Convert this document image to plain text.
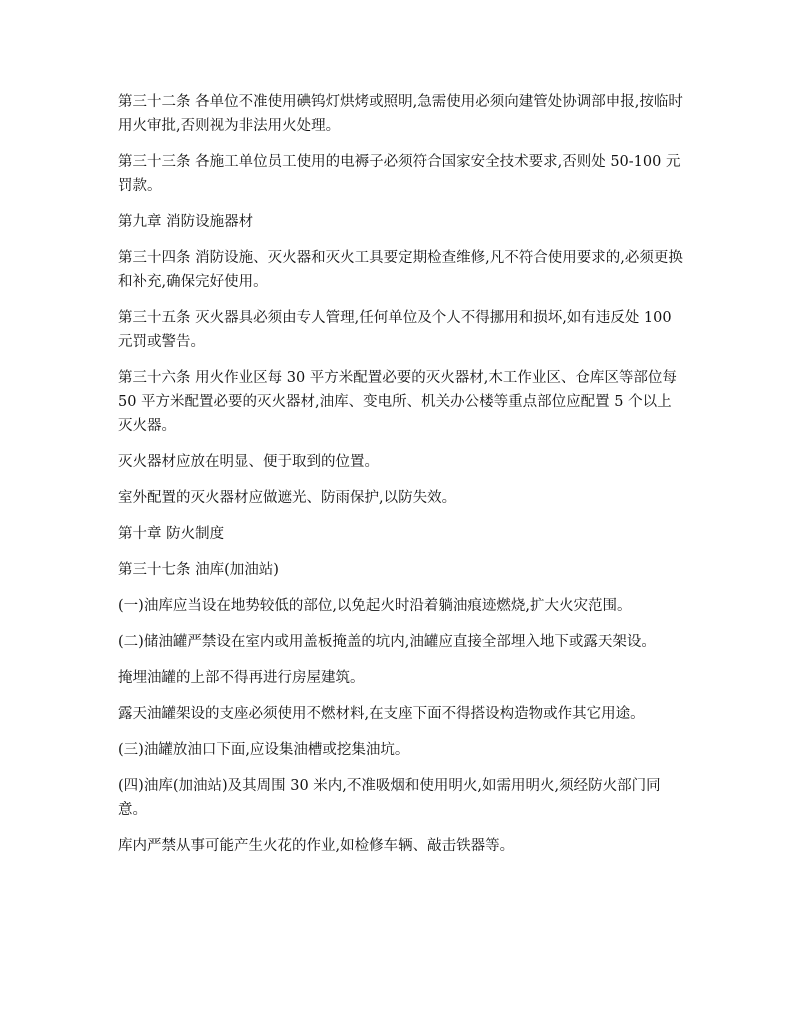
第三十二条 各单位不准使用碘钨灯烘烤或照明,急需使用必须向建管处协调部申报,按临时用火审批,否则视为非法用火处理。

第三十三条 各施工单位员工使用的电褥子必须符合国家安全技术要求,否则处 50-100 元罚款。

第九章 消防设施器材

第三十四条 消防设施、灭火器和灭火工具要定期检查维修,凡不符合使用要求的,必须更换和补充,确保完好使用。

第三十五条 灭火器具必须由专人管理,任何单位及个人不得挪用和损坏,如有违反处 100 元罚或警告。

第三十六条 用火作业区每 30 平方米配置必要的灭火器材,木工作业区、仓库区等部位每 50 平方米配置必要的灭火器材,油库、变电所、机关办公楼等重点部位应配置 5 个以上灭火器。

灭火器材应放在明显、便于取到的位置。

室外配置的灭火器材应做遮光、防雨保护,以防失效。

第十章 防火制度

第三十七条 油库(加油站)

(一)油库应当设在地势较低的部位,以免起火时沿着躺油痕迹燃烧,扩大火灾范围。

(二)储油罐严禁设在室内或用盖板掩盖的坑内,油罐应直接全部埋入地下或露天架设。

掩埋油罐的上部不得再进行房屋建筑。

露天油罐架设的支座必须使用不燃材料,在支座下面不得搭设构造物或作其它用途。

(三)油罐放油口下面,应设集油槽或挖集油坑。

(四)油库(加油站)及其周围 30 米内,不准吸烟和使用明火,如需用明火,须经防火部门同意。

库内严禁从事可能产生火花的作业,如检修车辆、敲击铁器等。
